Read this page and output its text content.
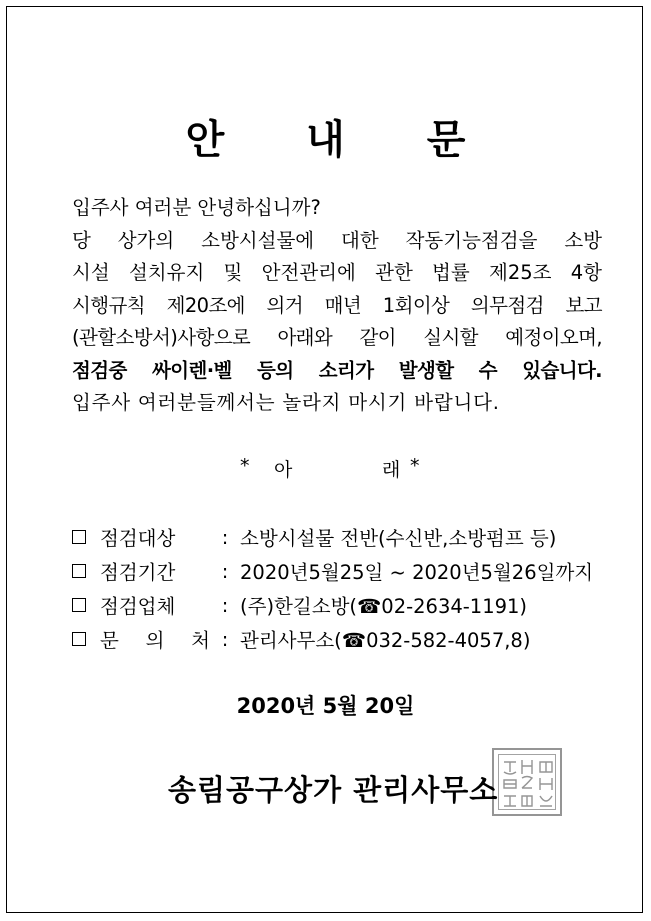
안 내 문
입주사 여러분 안녕하십니까?
당 상가의 소방시설물에 대한 작동기능점검을 소방
시설 설치유지 및 안전관리에 관한 법률 제25조 4항
시행규칙 제20조에 의거 매년 1회이상 의무점검 보고
(관할소방서)사항으로 아래와 같이 실시할 예정이오며,
점검중 싸이렌·벨 등의 소리가 발생할 수 있습니다.
입주사 여러분들께서는 놀라지 마시기 바랍니다.
* 아	래 *
점검대상	: 소방시설물 전반(수신반,소방펌프 등)
점검기간	: 2020년5월25일 ~ 2020년5월26일까지
점검업체	: (주)한길소방(☎02-2634-1191)
문 의 처 : 관리사무소(☎032-582-4057,8)
2020년 5월 20일
송림공구상가 관리사무소
